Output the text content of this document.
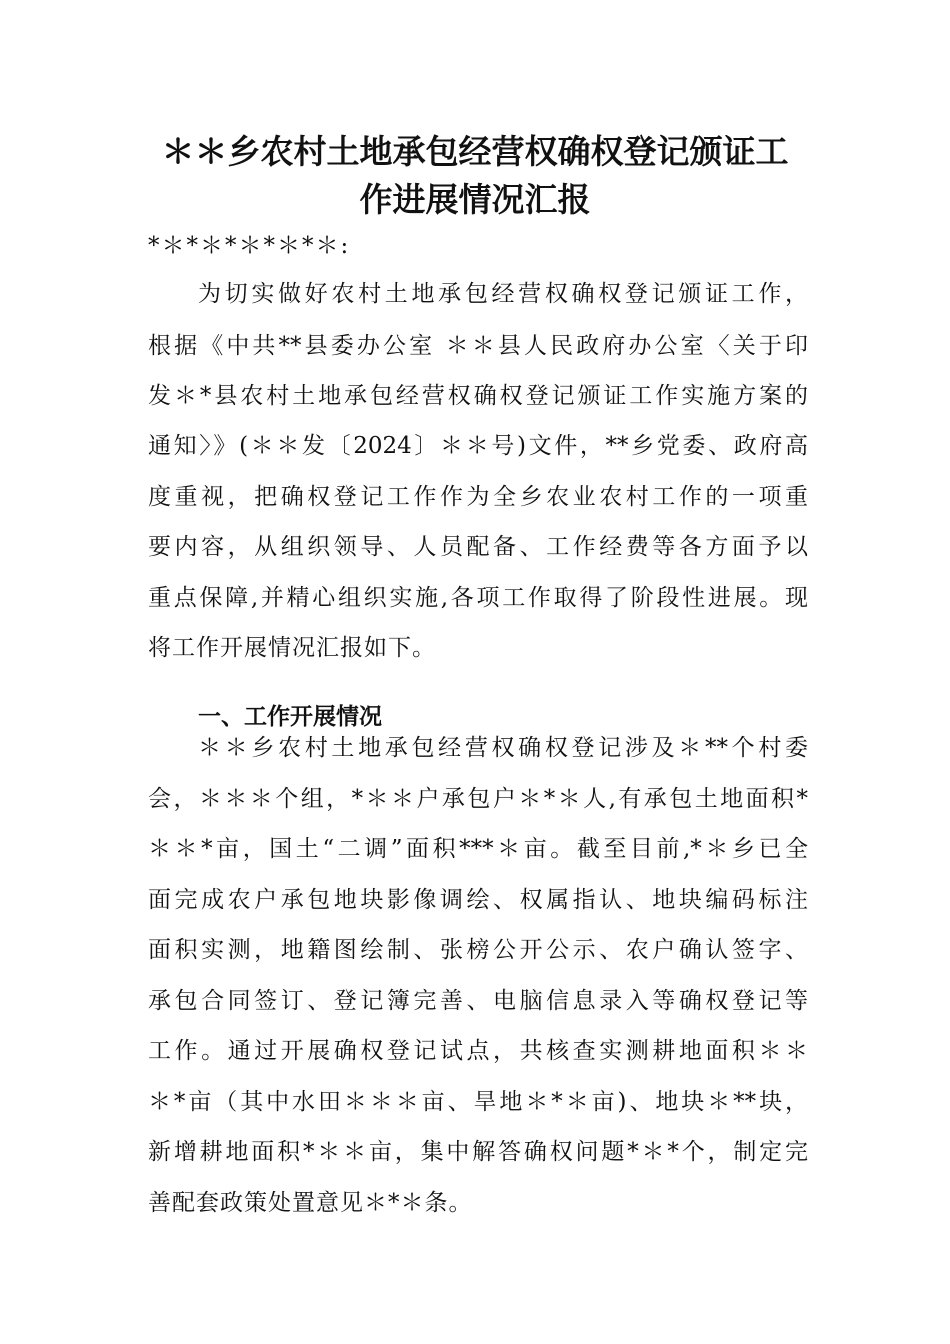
＊＊乡农村土地承包经营权确权登记颁证工
作进展情况汇报
*＊*＊*＊*＊*＊:
为切实做好农村土地承包经营权确权登记颁证工作，
根据《中共**县委办公室 ＊＊县人民政府办公室〈关于印
发＊*县农村土地承包经营权确权登记颁证工作实施方案的
通知〉》(＊＊发〔2024〕＊＊号)文件，**乡党委、政府高
度重视，把确权登记工作作为全乡农业农村工作的一项重
要内容，从组织领导、人员配备、工作经费等各方面予以
重点保障,并精心组织实施,各项工作取得了阶段性进展。现
将工作开展情况汇报如下。
一、工作开展情况
＊＊乡农村土地承包经营权确权登记涉及＊**个村委
会，＊＊＊个组，*＊＊户承包户＊*＊人,有承包土地面积*
＊＊*亩，国土“二调”面积***＊亩。截至目前,*＊乡已全
面完成农户承包地块影像调绘、权属指认、地块编码标注
面积实测，地籍图绘制、张榜公开公示、农户确认签字、
承包合同签订、登记簿完善、电脑信息录入等确权登记等
工作。通过开展确权登记试点，共核查实测耕地面积＊＊
＊*亩（其中水田＊＊＊亩、旱地＊*＊亩)、地块＊**块，
新增耕地面积*＊＊亩，集中解答确权问题*＊*个，制定完
善配套政策处置意见＊*＊条。
